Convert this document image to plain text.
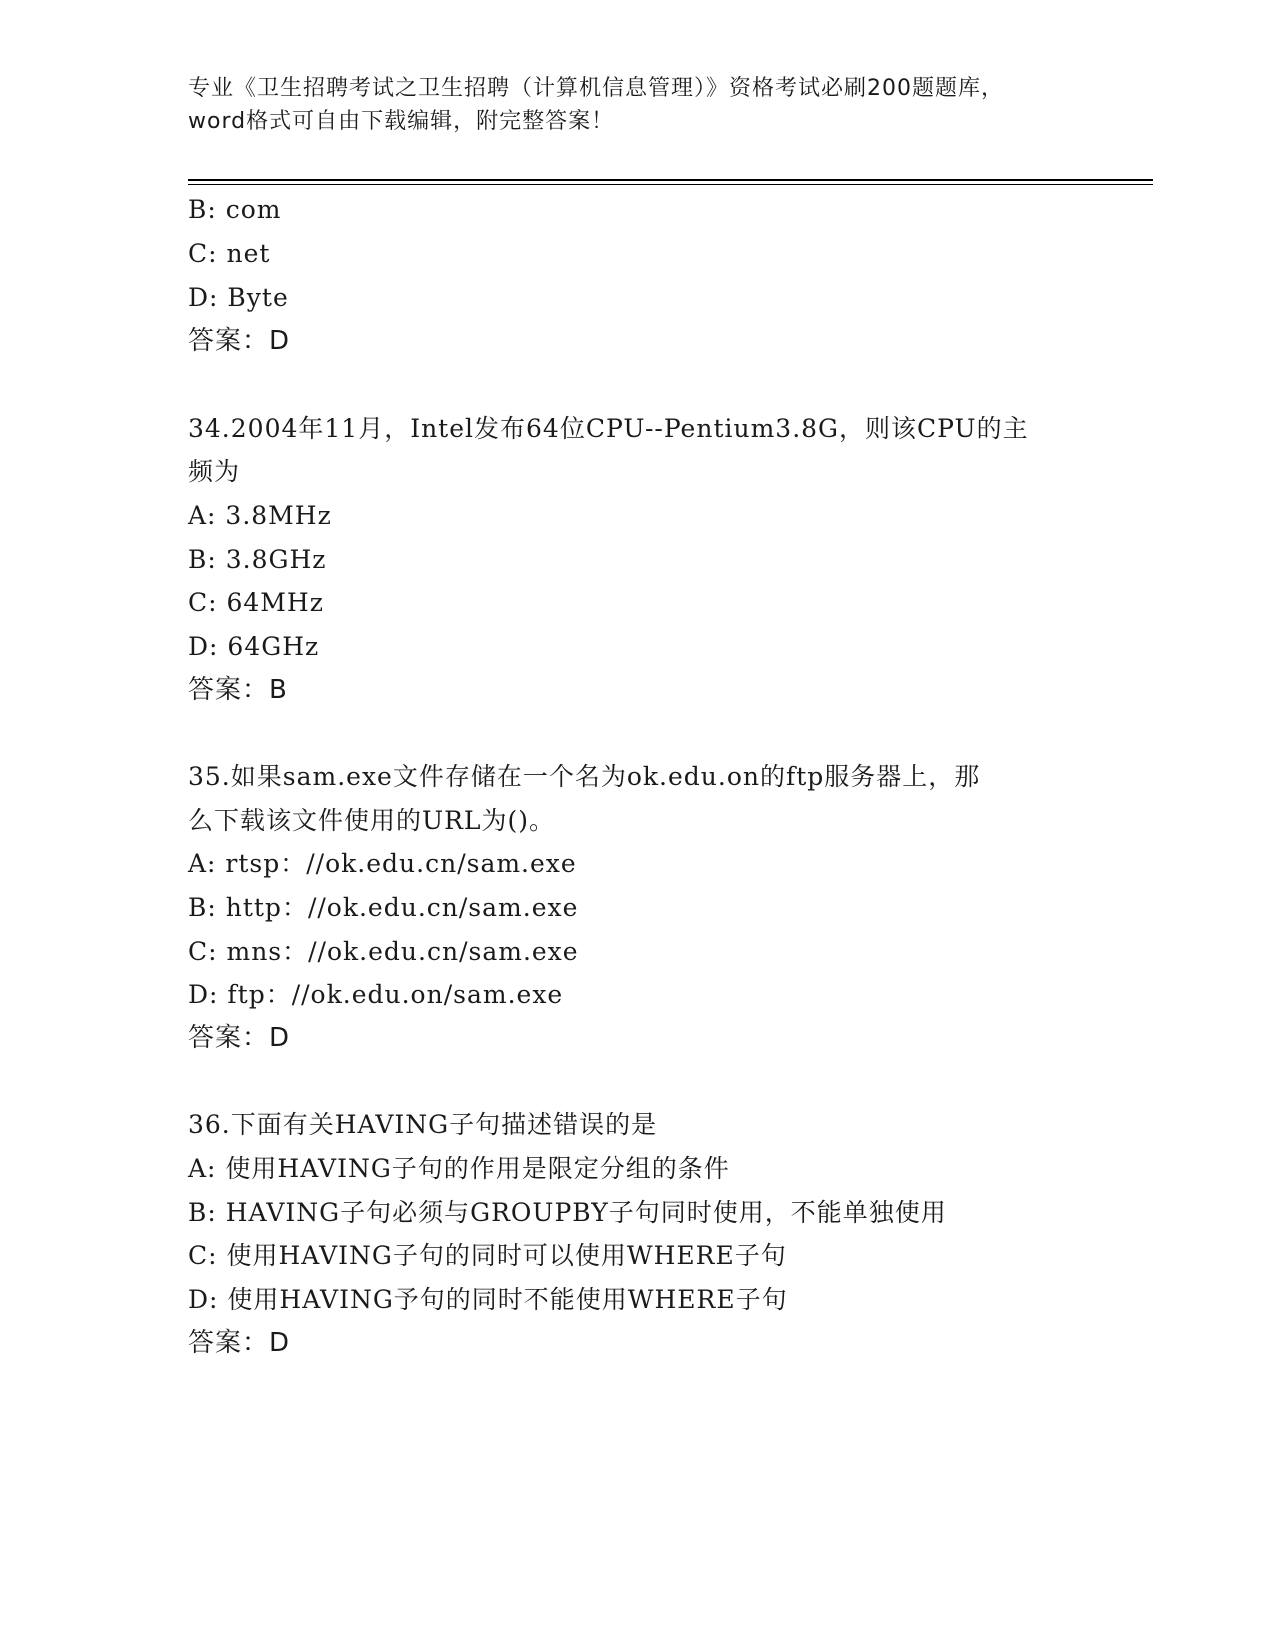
专业《卫生招聘考试之卫生招聘（计算机信息管理）》资格考试必刷200题题库，
word格式可自由下载编辑，附完整答案！
B: com
C: net
D: Byte
答案：D
34.2004年11月，Intel发布64位CPU--Pentium3.8G，则该CPU的主
频为
A: 3.8MHz
B: 3.8GHz
C: 64MHz
D: 64GHz
答案：B
35.如果sam.exe文件存储在一个名为ok.edu.on的ftp服务器上，那
么下载该文件使用的URL为()。
A: rtsp：//ok.edu.cn/sam.exe
B: http：//ok.edu.cn/sam.exe
C: mns：//ok.edu.cn/sam.exe
D: ftp：//ok.edu.on/sam.exe
答案：D
36.下面有关HAVING子句描述错误的是
A: 使用HAVING子句的作用是限定分组的条件
B: HAVING子句必须与GROUPBY子句同时使用，不能单独使用
C: 使用HAVING子句的同时可以使用WHERE子句
D: 使用HAVING予句的同时不能使用WHERE子句
答案：D
